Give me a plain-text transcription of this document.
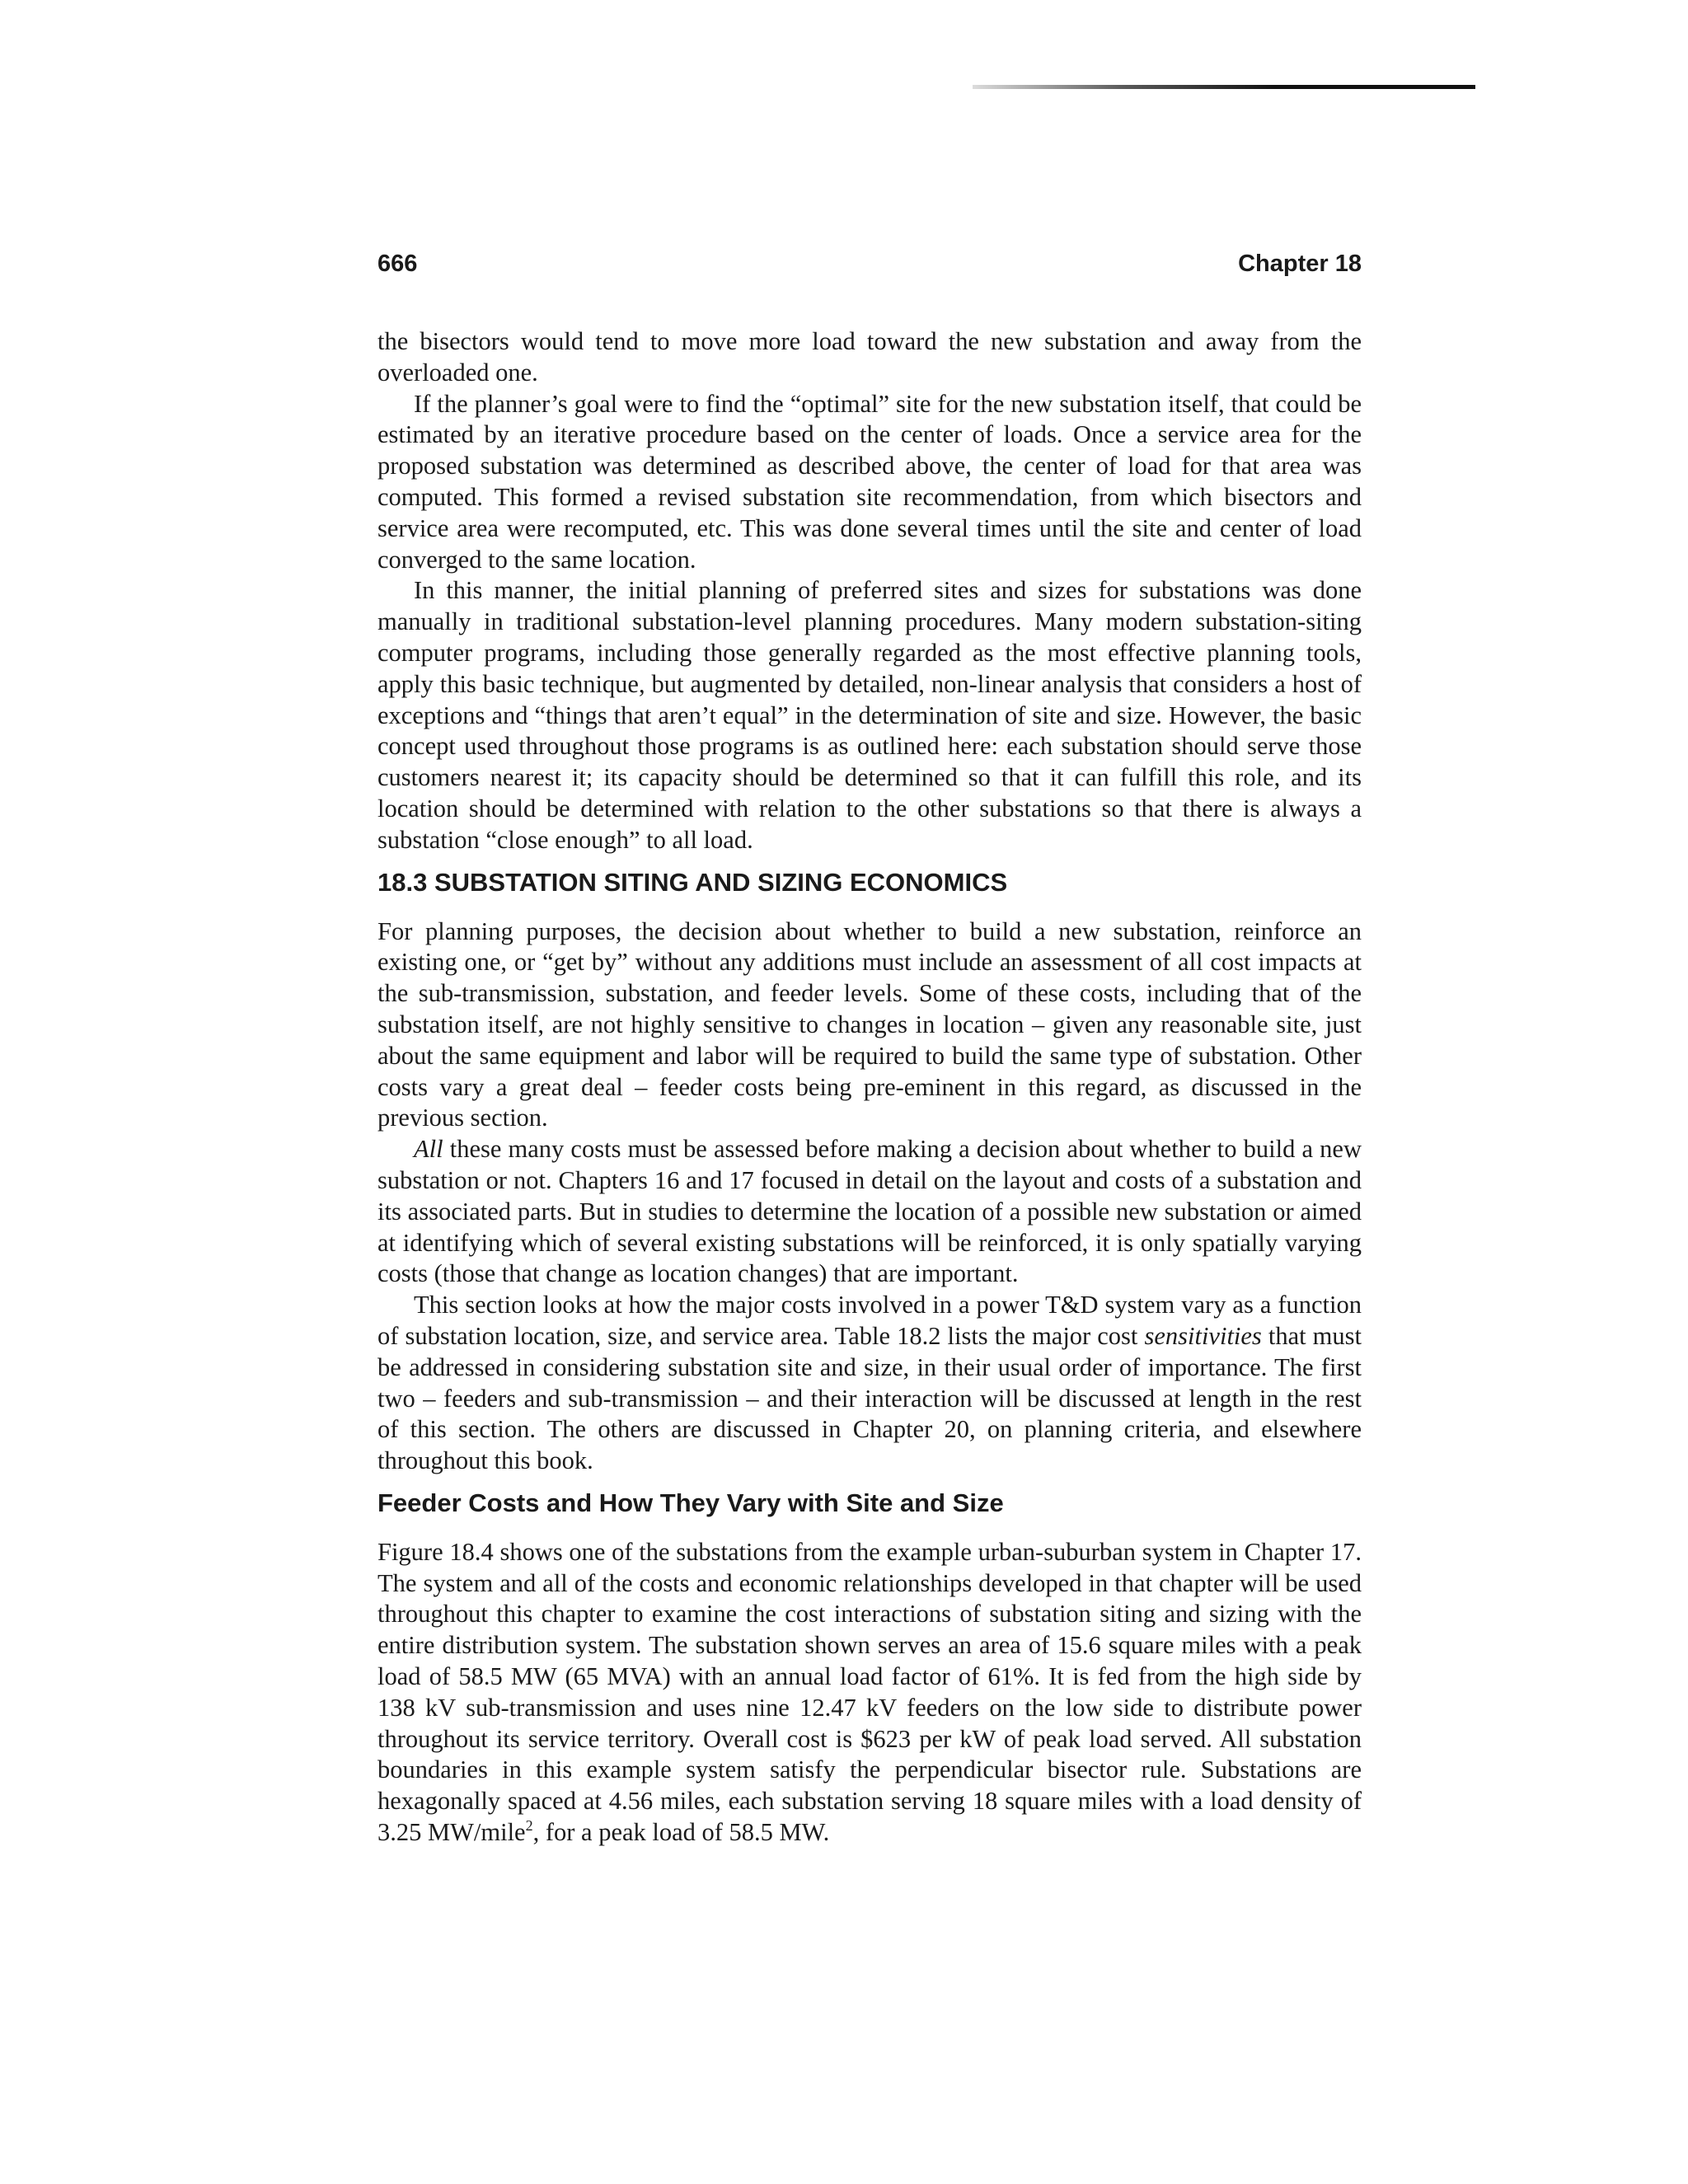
666	Chapter 18

the bisectors would tend to move more load toward the new substation and away from the overloaded one.

If the planner’s goal were to find the “optimal” site for the new substation itself, that could be estimated by an iterative procedure based on the center of loads. Once a service area for the proposed substation was determined as described above, the center of load for that area was computed. This formed a revised substation site recommendation, from which bisectors and service area were recomputed, etc. This was done several times until the site and center of load converged to the same location.

In this manner, the initial planning of preferred sites and sizes for substations was done manually in traditional substation-level planning procedures. Many modern substation-siting computer programs, including those generally regarded as the most effective planning tools, apply this basic technique, but augmented by detailed, non-linear analysis that considers a host of exceptions and “things that aren’t equal” in the determination of site and size. However, the basic concept used throughout those programs is as outlined here: each substation should serve those customers nearest it; its capacity should be determined so that it can fulfill this role, and its location should be determined with relation to the other substations so that there is always a substation “close enough” to all load.

18.3 SUBSTATION SITING AND SIZING ECONOMICS

For planning purposes, the decision about whether to build a new substation, reinforce an existing one, or “get by” without any additions must include an assessment of all cost impacts at the sub-transmission, substation, and feeder levels. Some of these costs, including that of the substation itself, are not highly sensitive to changes in location – given any reasonable site, just about the same equipment and labor will be required to build the same type of substation. Other costs vary a great deal – feeder costs being pre-eminent in this regard, as discussed in the previous section.

All these many costs must be assessed before making a decision about whether to build a new substation or not. Chapters 16 and 17 focused in detail on the layout and costs of a substation and its associated parts. But in studies to determine the location of a possible new substation or aimed at identifying which of several existing substations will be reinforced, it is only spatially varying costs (those that change as location changes) that are important.

This section looks at how the major costs involved in a power T&D system vary as a function of substation location, size, and service area. Table 18.2 lists the major cost sensitivities that must be addressed in considering substation site and size, in their usual order of importance. The first two – feeders and sub-transmission – and their interaction will be discussed at length in the rest of this section. The others are discussed in Chapter 20, on planning criteria, and elsewhere throughout this book.

Feeder Costs and How They Vary with Site and Size

Figure 18.4 shows one of the substations from the example urban-suburban system in Chapter 17. The system and all of the costs and economic relationships developed in that chapter will be used throughout this chapter to examine the cost interactions of substation siting and sizing with the entire distribution system. The substation shown serves an area of 15.6 square miles with a peak load of 58.5 MW (65 MVA) with an annual load factor of 61%. It is fed from the high side by 138 kV sub-transmission and uses nine 12.47 kV feeders on the low side to distribute power throughout its service territory. Overall cost is $623 per kW of peak load served. All substation boundaries in this example system satisfy the perpendicular bisector rule. Substations are hexagonally spaced at 4.56 miles, each substation serving 18 square miles with a load density of 3.25 MW/mile$^2$, for a peak load of 58.5 MW.
